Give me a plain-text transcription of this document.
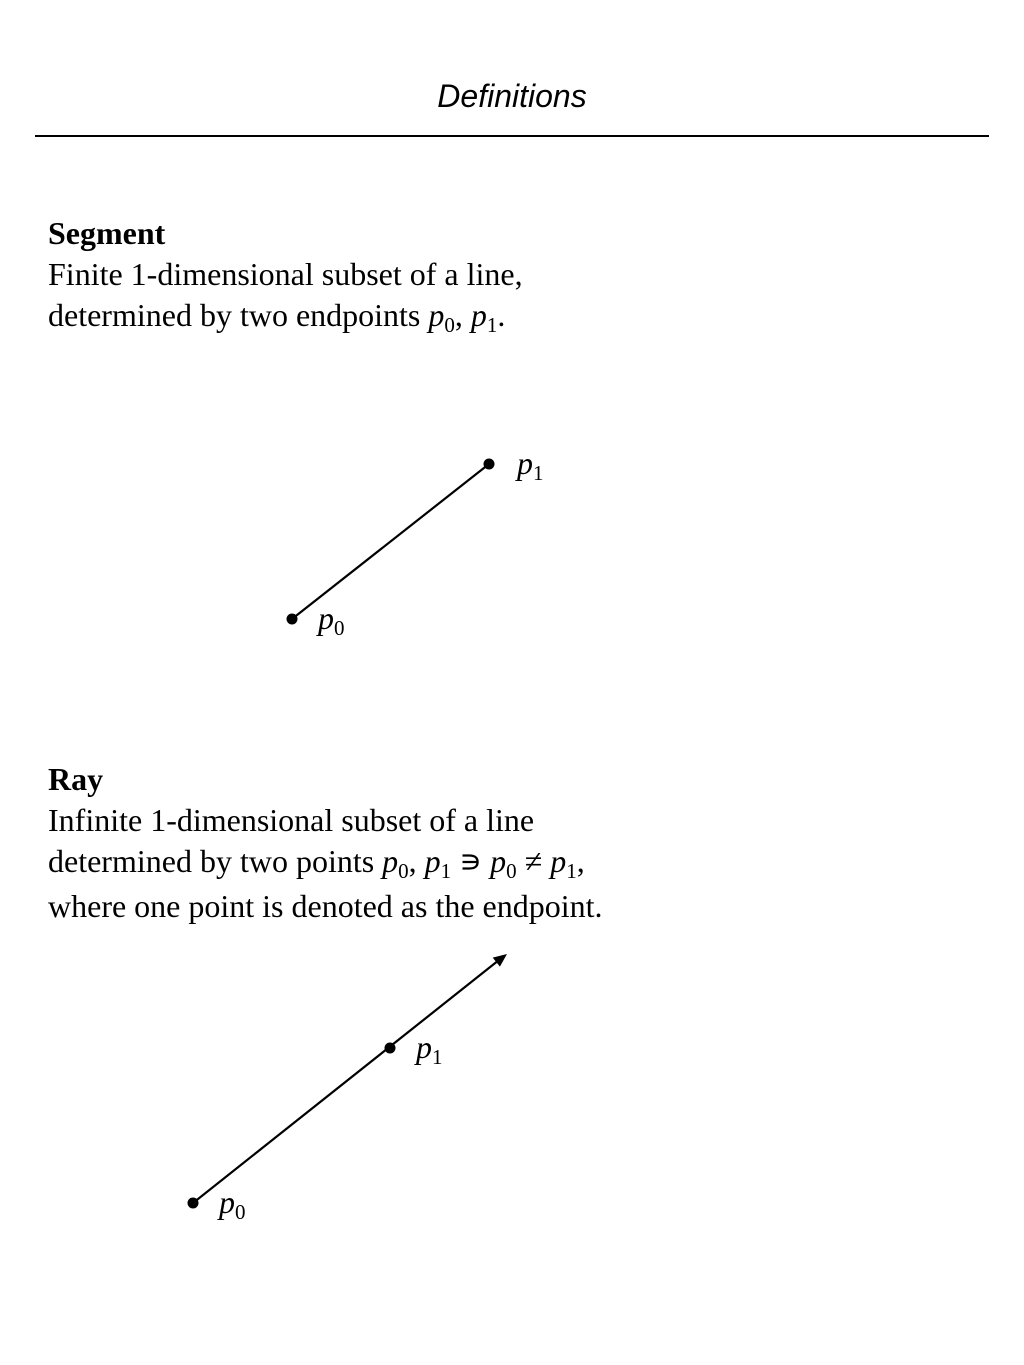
Definitions
Segment
Finite 1-dimensional subset of a line,
determined by two endpoints p0, p1.
p1
p0
Ray
Infinite 1-dimensional subset of a line
determined by two points p0, p1 ∍ p0 ≠ p1,
where one point is denoted as the endpoint.
p1
p0
